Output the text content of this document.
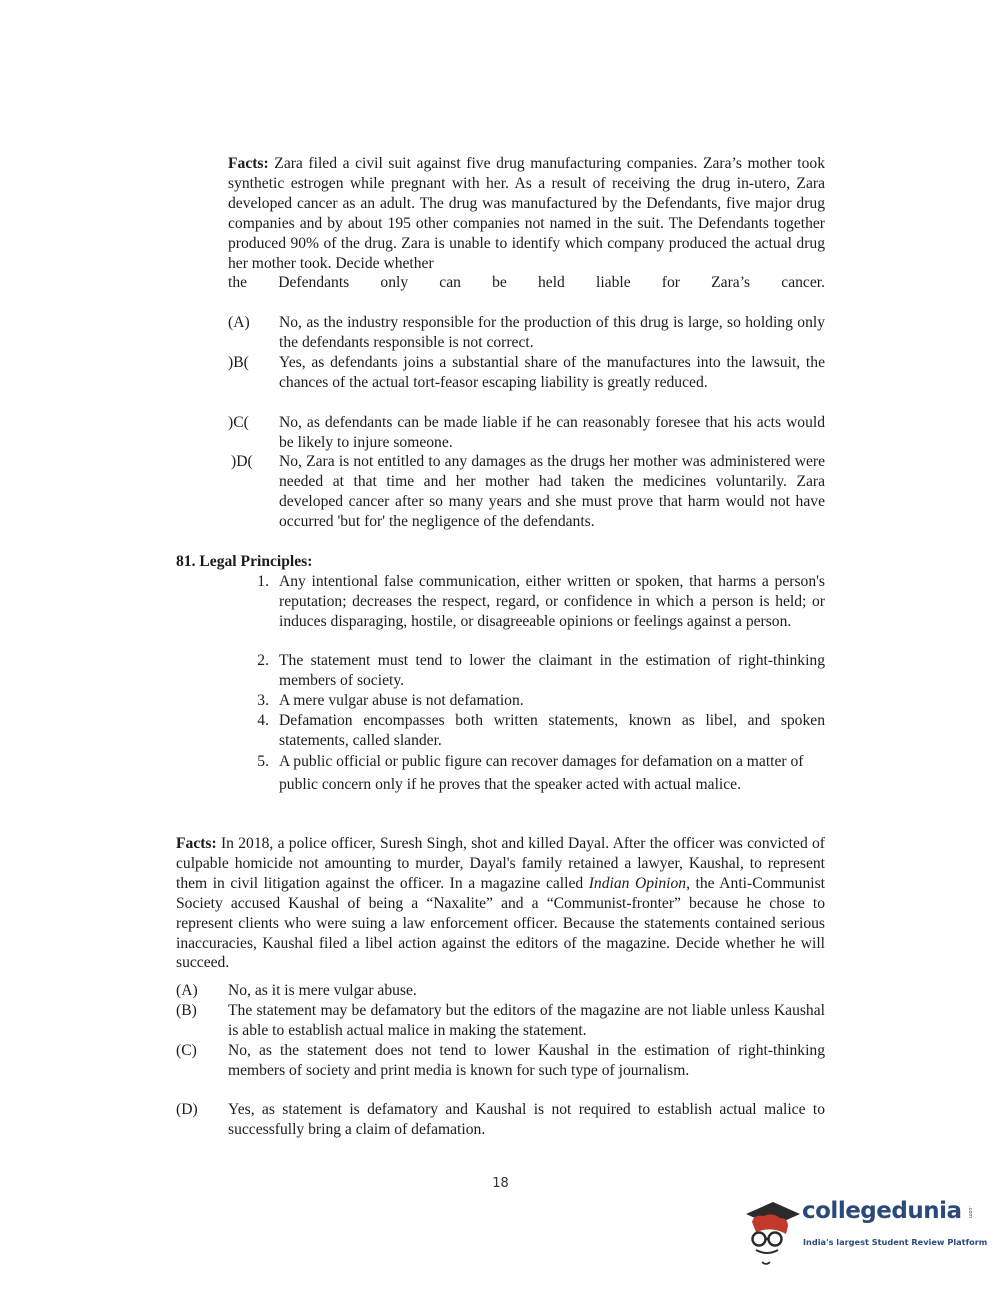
Facts: Zara filed a civil suit against five drug manufacturing companies. Zara’s mother took synthetic estrogen while pregnant with her. As a result of receiving the drug in-utero, Zara developed cancer as an adult. The drug was manufactured by the Defendants, five major drug companies and by about 195 other companies not named in the suit. The Defendants together produced 90% of the drug. Zara is unable to identify which company produced the actual drug her mother took. Decide whether
the Defendants only can be held liable for Zara’s cancer.
(A) No, as the industry responsible for the production of this drug is large, so holding only the defendants responsible is not correct.
)B( Yes, as defendants joins a substantial share of the manufactures into the lawsuit, the chances of the actual tort-feasor escaping liability is greatly reduced.
)C( No, as defendants can be made liable if he can reasonably foresee that his acts would be likely to injure someone.
)D( No, Zara is not entitled to any damages as the drugs her mother was administered were needed at that time and her mother had taken the medicines voluntarily. Zara developed cancer after so many years and she must prove that harm would not have occurred 'but for' the negligence of the defendants.
81. Legal Principles:
1. Any intentional false communication, either written or spoken, that harms a person's reputation; decreases the respect, regard, or confidence in which a person is held; or induces disparaging, hostile, or disagreeable opinions or feelings against a person.
2. The statement must tend to lower the claimant in the estimation of right-thinking members of society.
3. A mere vulgar abuse is not defamation.
4. Defamation encompasses both written statements, known as libel, and spoken statements, called slander.
5. A public official or public figure can recover damages for defamation on a matter of public concern only if he proves that the speaker acted with actual malice.
Facts: In 2018, a police officer, Suresh Singh, shot and killed Dayal. After the officer was convicted of culpable homicide not amounting to murder, Dayal's family retained a lawyer, Kaushal, to represent them in civil litigation against the officer. In a magazine called Indian Opinion, the Anti-Communist Society accused Kaushal of being a “Naxalite” and a “Communist-fronter” because he chose to represent clients who were suing a law enforcement officer. Because the statements contained serious inaccuracies, Kaushal filed a libel action against the editors of the magazine. Decide whether he will succeed.
(A) No, as it is mere vulgar abuse.
(B) The statement may be defamatory but the editors of the magazine are not liable unless Kaushal is able to establish actual malice in making the statement.
(C) No, as the statement does not tend to lower Kaushal in the estimation of right-thinking members of society and print media is known for such type of journalism.
(D) Yes, as statement is defamatory and Kaushal is not required to establish actual malice to successfully bring a claim of defamation.
18
collegedunia	.com
India's largest Student Review Platform
